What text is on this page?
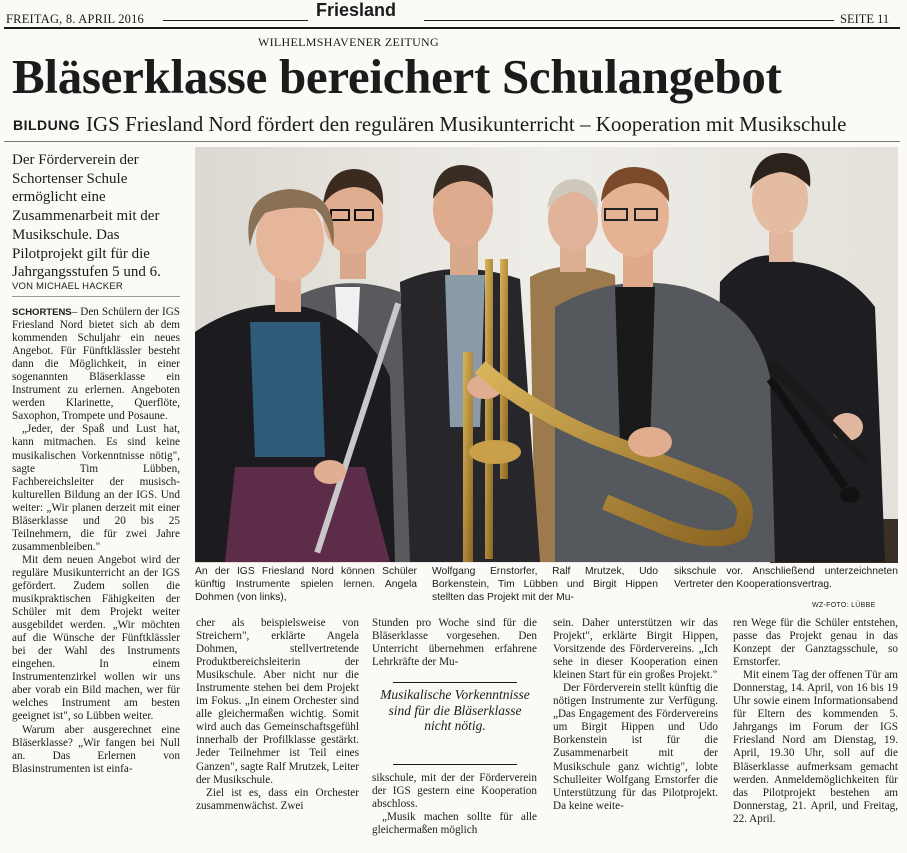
FREITAG, 8. APRIL 2016	Friesland	SEITE 11
WILHELMSHAVENER ZEITUNG
Bläserklasse bereichert Schulangebot
BILDUNG IGS Friesland Nord fördert den regulären Musikunterricht – Kooperation mit Musikschule
Der Förderverein der Schortenser Schule ermöglicht eine Zusammenarbeit mit der Musikschule. Das Pilotprojekt gilt für die Jahrgangsstufen 5 und 6.
VON MICHAEL HACKER

SCHORTENS– Den Schülern der IGS Friesland Nord bietet sich ab dem kommenden Schuljahr ein neues Angebot. Für Fünftklässler besteht dann die Möglichkeit, in einer sogenannten Bläserklasse ein Instrument zu erlernen. Angeboten werden Klarinette, Querflöte, Saxophon, Trompete und Posaune.

„Jeder, der Spaß und Lust hat, kann mitmachen. Es sind keine musikalischen Vorkenntnisse nötig", sagte Tim Lübben, Fachbereichsleiter der musisch-kulturellen Bildung an der IGS. Und weiter: „Wir planen derzeit mit einer Bläserklasse und 20 bis 25 Teilnehmern, die für zwei Jahre zusammenbleiben."

Mit dem neuen Angebot wird der reguläre Musikunterricht an der IGS gefördert. Zudem sollen die musikpraktischen Fähigkeiten der Schüler mit dem Projekt weiter ausgebildet werden. „Wir möchten auf die Wünsche der Fünftklässler bei der Wahl des Instruments eingehen. In einem Instrumentenzirkel wollen wir uns aber vorab ein Bild machen, wer für welches Instrument am besten geeignet ist", so Lübben weiter.

Warum aber ausgerechnet eine Bläserklasse? „Wir fangen bei Null an. Das Erlernen von Blasinstrumenten ist einfa-

An der IGS Friesland Nord können Schüler künftig Instrumente spielen lernen. Angela Dohmen (von links),
Wolfgang Ernstorfer, Ralf Mrutzek, Udo Borkenstein, Tim Lübben und Birgit Hippen stellten das Projekt mit der Mu-
sikschule vor. Anschließend unterzeichneten Vertreter den Kooperationsvertrag.
WZ-FOTO: LÜBBE

cher als beispielsweise von Streichern", erklärte Angela Dohmen, stellvertretende Produktbereichsleiterin der Musikschule. Aber nicht nur die Instrumente stehen bei dem Projekt im Fokus. „In einem Orchester sind alle gleichermaßen wichtig. Somit wird auch das Gemeinschaftsgefühl innerhalb der Profilklasse gestärkt. Jeder Teilnehmer ist Teil eines Ganzen", sagte Ralf Mrutzek, Leiter der Musikschule.

Ziel ist es, dass ein Orchester zusammenwächst. Zwei

Stunden pro Woche sind für die Bläserklasse vorgesehen. Den Unterricht übernehmen erfahrene Lehrkräfte der Mu-

Musikalische Vorkenntnisse sind für die Bläserklasse nicht nötig.

sikschule, mit der der Förderverein der IGS gestern eine Kooperation abschloss.

„Musik machen sollte für alle gleichermaßen möglich

sein. Daher unterstützen wir das Projekt", erklärte Birgit Hippen, Vorsitzende des Fördervereins. „Ich sehe in dieser Kooperation einen kleinen Start für ein großes Projekt."

Der Förderverein stellt künftig die nötigen Instrumente zur Verfügung. „Das Engagement des Fördervereins um Birgit Hippen und Udo Borkenstein ist für die Zusammenarbeit mit der Musikschule ganz wichtig", lobte Schulleiter Wolfgang Ernstorfer die Unterstützung für das Pilotprojekt. Da keine weite-

ren Wege für die Schüler entstehen, passe das Projekt genau in das Konzept der Ganztagsschule, so Ernstorfer.

Mit einem Tag der offenen Tür am Donnerstag, 14. April, von 16 bis 19 Uhr sowie einem Informationsabend für Eltern des kommenden 5. Jahrgangs im Forum der IGS Friesland Nord am Dienstag, 19. April, 19.30 Uhr, soll auf die Bläserklasse aufmerksam gemacht werden. Anmeldemöglichkeiten für das Pilotprojekt bestehen am Donnerstag, 21. April, und Freitag, 22. April.
